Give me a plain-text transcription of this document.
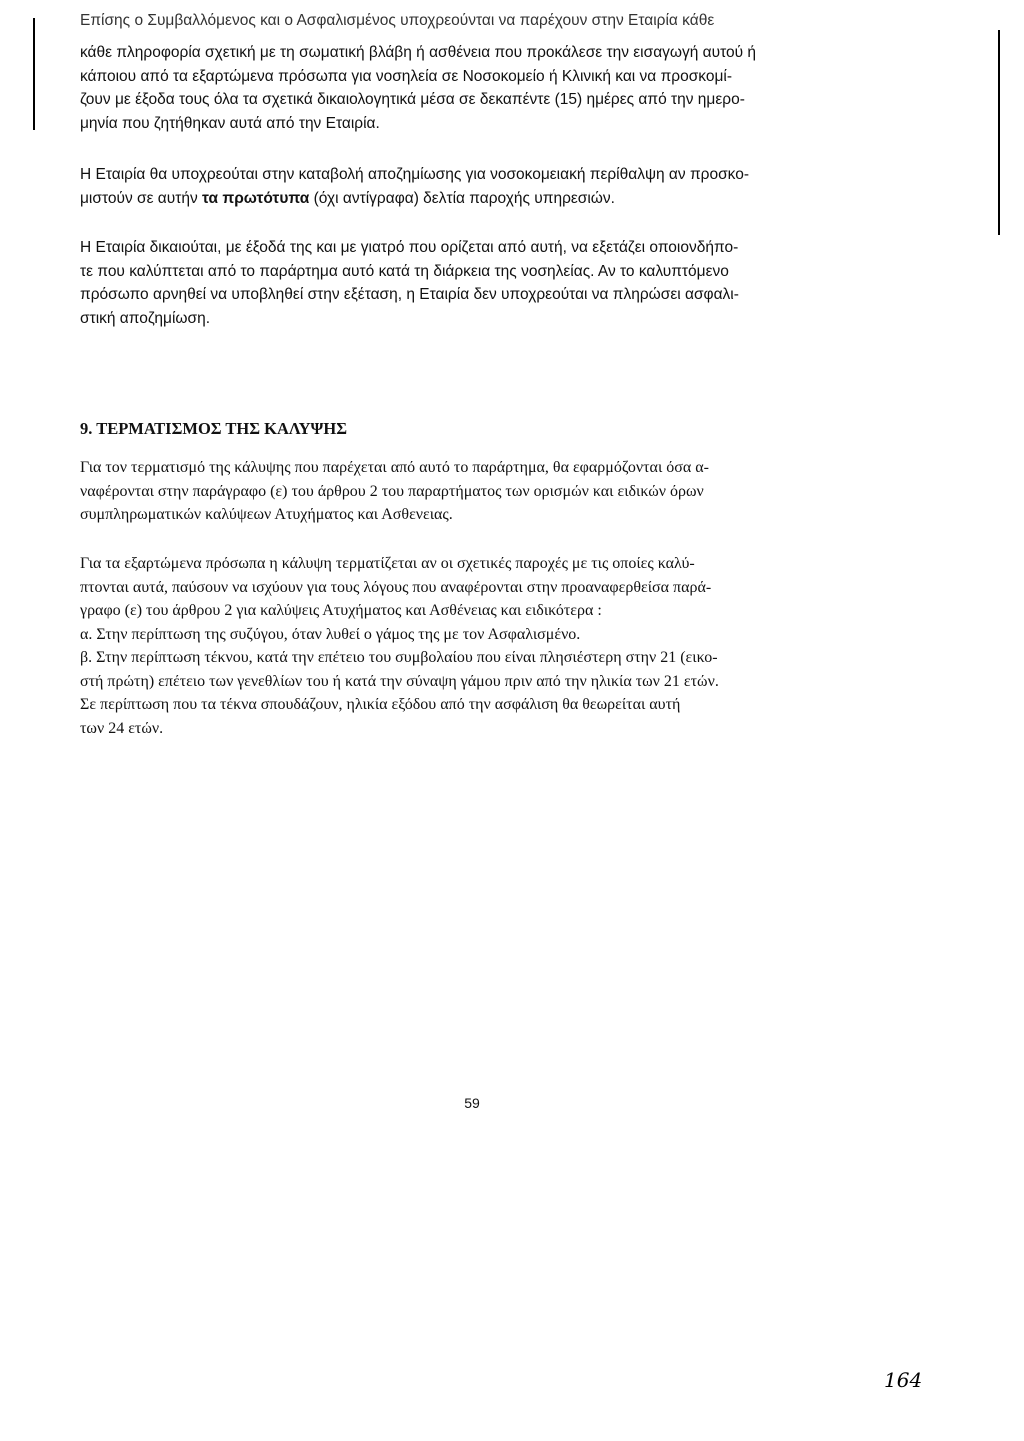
Επίσης ο Συμβαλλόμενος και ο Ασφαλισμένος υποχρεούνται να παρέχουν στην Εταιρία κάθε

κάθε πληροφορία σχετική με τη σωματική βλάβη ή ασθένεια που προκάλεσε την εισαγωγή αυτού ή
κάποιου από τα εξαρτώμενα πρόσωπα για νοσηλεία σε Νοσοκομείο ή Κλινική και να προσκομί-
ζουν με έξοδα τους όλα τα σχετικά δικαιολογητικά μέσα σε δεκαπέντε (15) ημέρες από την ημερο-
μηνία που ζητήθηκαν αυτά από την Εταιρία.

Η Εταιρία θα υποχρεούται στην καταβολή αποζημίωσης για νοσοκομειακή περίθαλψη αν προσκο-
μιστούν σε αυτήν τα πρωτότυπα (όχι αντίγραφα) δελτία παροχής υπηρεσιών.

Η Εταιρία δικαιούται, με έξοδά της και με γιατρό που ορίζεται από αυτή, να εξετάζει οποιονδήπο-
τε που καλύπτεται από το παράρτημα αυτό κατά τη διάρκεια της νοσηλείας. Αν το καλυπτόμενο
πρόσωπο αρνηθεί να υποβληθεί στην εξέταση, η Εταιρία δεν υποχρεούται να πληρώσει ασφαλι-
στική αποζημίωση.

9. ΤΕΡΜΑΤΙΣΜΟΣ ΤΗΣ ΚΑΛΥΨΗΣ

Για τον τερματισμό της κάλυψης που παρέχεται από αυτό το παράρτημα, θα εφαρμόζονται όσα α-
ναφέρονται στην παράγραφο (ε) του άρθρου 2 του παραρτήματος των ορισμών και ειδικών όρων
συμπληρωματικών καλύψεων Ατυχήματος και Ασθενειας.

Για τα εξαρτώμενα πρόσωπα η κάλυψη τερματίζεται αν οι σχετικές παροχές με τις οποίες καλύ-
πτονται αυτά, παύσουν να ισχύουν για τους λόγους που αναφέρονται στην προαναφερθείσα παρά-
γραφο (ε) του άρθρου 2 για καλύψεις Ατυχήματος και Ασθένειας και ειδικότερα :
α. Στην περίπτωση της συζύγου, όταν λυθεί ο γάμος της με τον Ασφαλισμένο.
β. Στην περίπτωση τέκνου, κατά την επέτειο του συμβολαίου που είναι πλησιέστερη στην 21 (εικο-
στή πρώτη) επέτειο των γενεθλίων του ή κατά την σύναψη γάμου πριν από την ηλικία των 21 ετών.
Σε περίπτωση που τα τέκνα σπουδάζουν, ηλικία εξόδου από την ασφάλιση θα θεωρείται αυτή
των 24 ετών.

59
164
